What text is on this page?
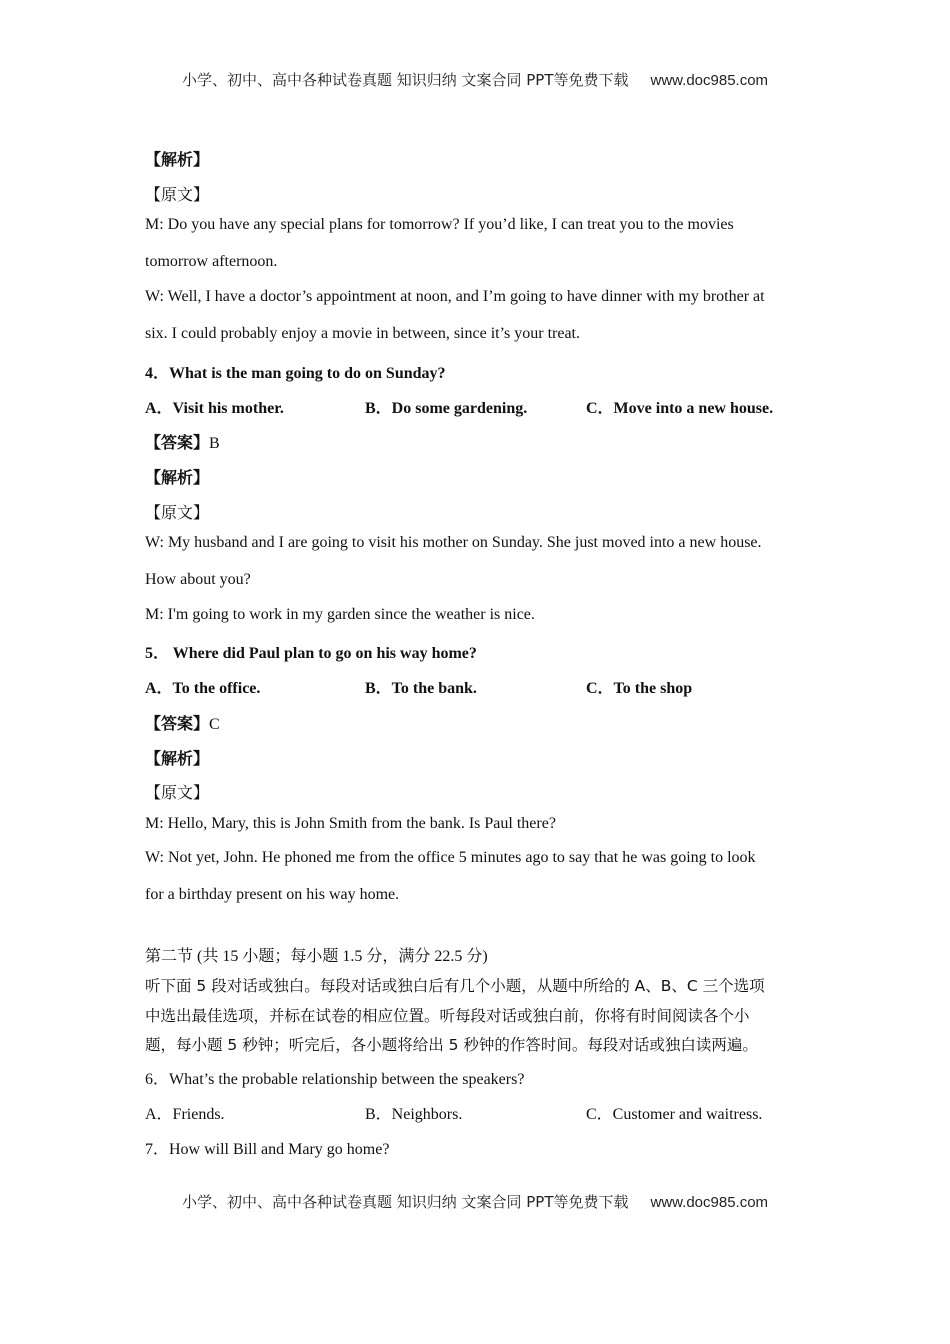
小学、初中、高中各种试卷真题 知识归纳 文案合同 PPT等免费下载 www.doc985.com
【解析】
【原文】
M: Do you have any special plans for tomorrow? If you’d like, I can treat you to the movies
tomorrow afternoon.
W: Well, I have a doctor’s appointment at noon, and I’m going to have dinner with my brother at
six. I could probably enjoy a movie in between, since it’s your treat.
4．What is the man going to do on Sunday?
A．Visit his mother.	B．Do some gardening.	C．Move into a new house.
【答案】B
【解析】
【原文】
W: My husband and I are going to visit his mother on Sunday. She just moved into a new house.
How about you?
M: I'm going to work in my garden since the weather is nice.
5． Where did Paul plan to go on his way home?
A．To the office.	B．To the bank.	C．To the shop
【答案】C
【解析】
【原文】
M: Hello, Mary, this is John Smith from the bank. Is Paul there?
W: Not yet, John. He phoned me from the office 5 minutes ago to say that he was going to look
for a birthday present on his way home.
第二节 (共 15 小题；每小题 1.5 分，满分 22.5 分)
听下面 5 段对话或独白。每段对话或独白后有几个小题，从题中所给的 A、B、C 三个选项
中选出最佳选项，并标在试卷的相应位置。听每段对话或独白前，你将有时间阅读各个小
题，每小题 5 秒钟；听完后，各小题将给出 5 秒钟的作答时间。每段对话或独白读两遍。
6．What’s the probable relationship between the speakers?
A．Friends.	B．Neighbors.	C．Customer and waitress.
7．How will Bill and Mary go home?
小学、初中、高中各种试卷真题 知识归纳 文案合同 PPT等免费下载 www.doc985.com
